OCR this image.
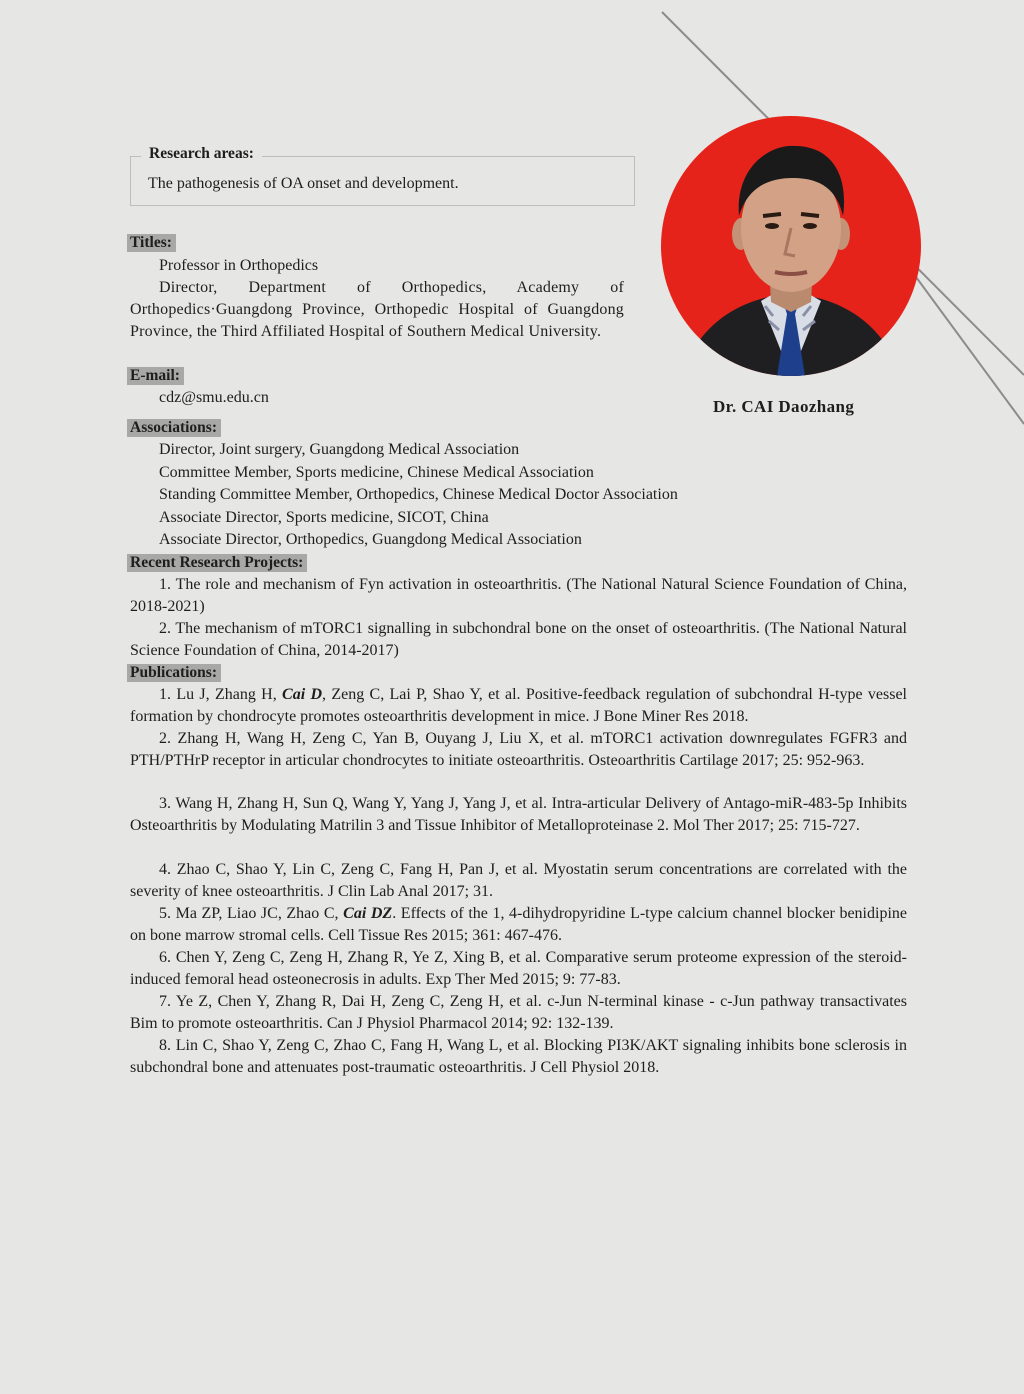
Research areas:
The pathogenesis of OA onset and development.
Dr. CAI Daozhang
Titles:
Professor in Orthopedics

Director, Department of Orthopedics, Academy of Orthopedics·Guangdong Province, Orthopedic Hospital of Guangdong Province, the Third Affiliated Hospital of Southern Medical University.

E-mail:
cdz@smu.edu.cn
Associations:
Director, Joint surgery, Guangdong Medical Association
Committee Member, Sports medicine, Chinese Medical Association
Standing Committee Member, Orthopedics, Chinese Medical Doctor Association
Associate Director, Sports medicine, SICOT, China
Associate Director, Orthopedics, Guangdong Medical Association
Recent Research Projects:

1. The role and mechanism of Fyn activation in osteoarthritis. (The National Natural Science Foundation of China, 2018-2021)

2. The mechanism of mTORC1 signalling in subchondral bone on the onset of osteoarthritis. (The National Natural Science Foundation of China, 2014-2017)

Publications:

1. Lu J, Zhang H, Cai D, Zeng C, Lai P, Shao Y, et al. Positive-feedback regulation of subchondral H-type vessel formation by chondrocyte promotes osteoarthritis development in mice. J Bone Miner Res 2018.

2. Zhang H, Wang H, Zeng C, Yan B, Ouyang J, Liu X, et al. mTORC1 activation downregulates FGFR3 and PTH/PTHrP receptor in articular chondrocytes to initiate osteoarthritis. Osteoarthritis Cartilage 2017; 25: 952-963.

3. Wang H, Zhang H, Sun Q, Wang Y, Yang J, Yang J, et al. Intra-articular Delivery of Antago-miR-483-5p Inhibits Osteoarthritis by Modulating Matrilin 3 and Tissue Inhibitor of Metalloproteinase 2. Mol Ther 2017; 25: 715-727.

4. Zhao C, Shao Y, Lin C, Zeng C, Fang H, Pan J, et al. Myostatin serum concentrations are correlated with the severity of knee osteoarthritis. J Clin Lab Anal 2017; 31.

5. Ma ZP, Liao JC, Zhao C, Cai DZ. Effects of the 1, 4-dihydropyridine L-type calcium channel blocker benidipine on bone marrow stromal cells. Cell Tissue Res 2015; 361: 467-476.

6. Chen Y, Zeng C, Zeng H, Zhang R, Ye Z, Xing B, et al. Comparative serum proteome expression of the steroid-induced femoral head osteonecrosis in adults. Exp Ther Med 2015; 9: 77-83.

7. Ye Z, Chen Y, Zhang R, Dai H, Zeng C, Zeng H, et al. c-Jun N-terminal kinase - c-Jun pathway transactivates Bim to promote osteoarthritis. Can J Physiol Pharmacol 2014; 92: 132-139.

8. Lin C, Shao Y, Zeng C, Zhao C, Fang H, Wang L, et al. Blocking PI3K/AKT signaling inhibits bone sclerosis in subchondral bone and attenuates post-traumatic osteoarthritis. J Cell Physiol 2018.
